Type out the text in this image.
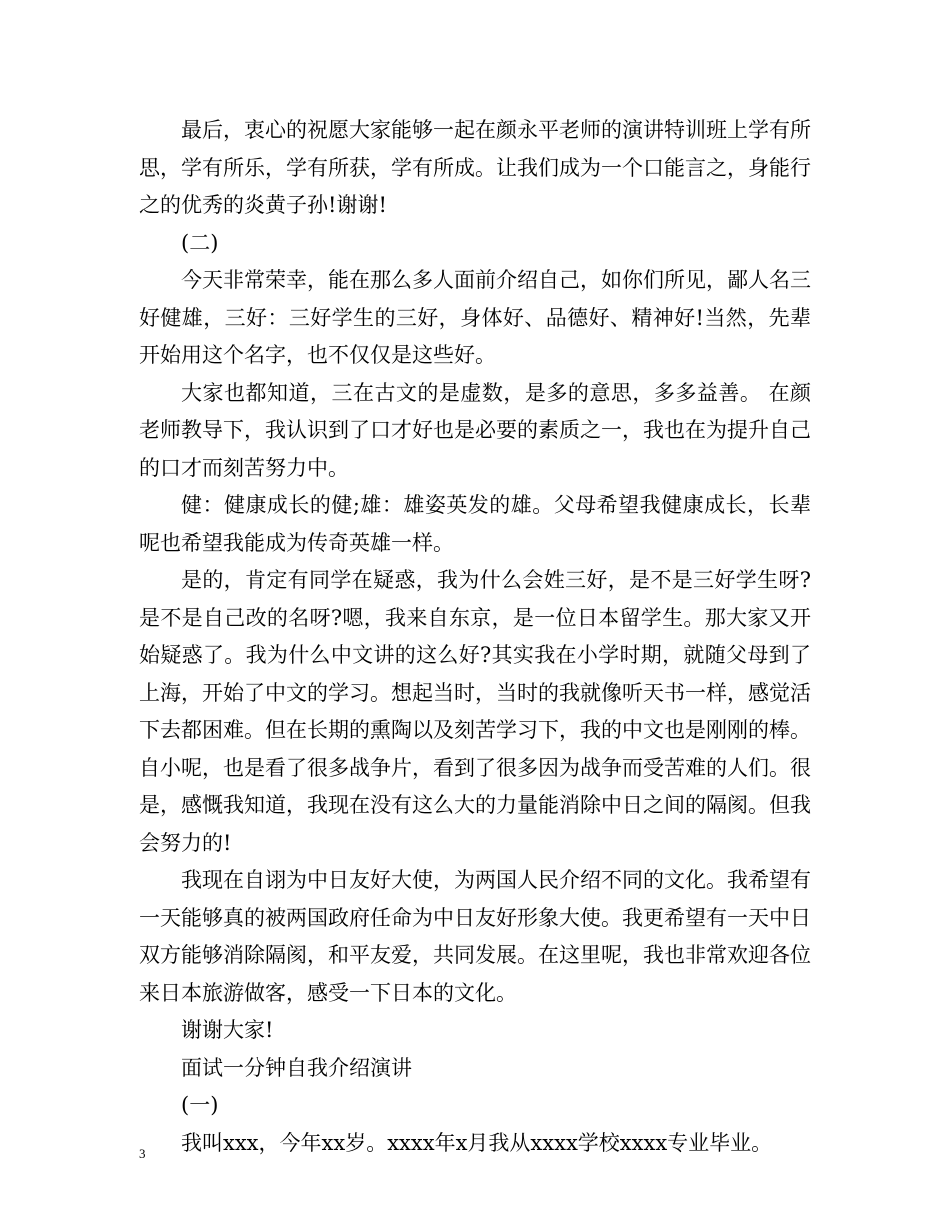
最后，衷心的祝愿大家能够一起在颜永平老师的演讲特训班上学有所思，学有所乐，学有所获，学有所成。让我们成为一个口能言之，身能行之的优秀的炎黄子孙!谢谢!

(二)

今天非常荣幸，能在那么多人面前介绍自己，如你们所见，鄙人名三好健雄，三好：三好学生的三好，身体好、品德好、精神好!当然，先辈开始用这个名字，也不仅仅是这些好。

大家也都知道，三在古文的是虚数，是多的意思，多多益善。 在颜老师教导下，我认识到了口才好也是必要的素质之一，我也在为提升自己的口才而刻苦努力中。

健：健康成长的健;雄：雄姿英发的雄。父母希望我健康成长，长辈呢也希望我能成为传奇英雄一样。

是的，肯定有同学在疑惑，我为什么会姓三好，是不是三好学生呀?是不是自己改的名呀?嗯，我来自东京，是一位日本留学生。那大家又开始疑惑了。我为什么中文讲的这么好?其实我在小学时期，就随父母到了上海，开始了中文的学习。想起当时，当时的我就像听天书一样，感觉活下去都困难。但在长期的熏陶以及刻苦学习下，我的中文也是刚刚的棒。自小呢，也是看了很多战争片，看到了很多因为战争而受苦难的人们。很是，感慨我知道，我现在没有这么大的力量能消除中日之间的隔阂。但我会努力的!

我现在自诩为中日友好大使，为两国人民介绍不同的文化。我希望有一天能够真的被两国政府任命为中日友好形象大使。我更希望有一天中日双方能够消除隔阂，和平友爱，共同发展。在这里呢，我也非常欢迎各位来日本旅游做客，感受一下日本的文化。

谢谢大家!

面试一分钟自我介绍演讲

(一)

我叫xxx，今年xx岁。xxxx年x月我从xxxx学校xxxx专业毕业。

3
